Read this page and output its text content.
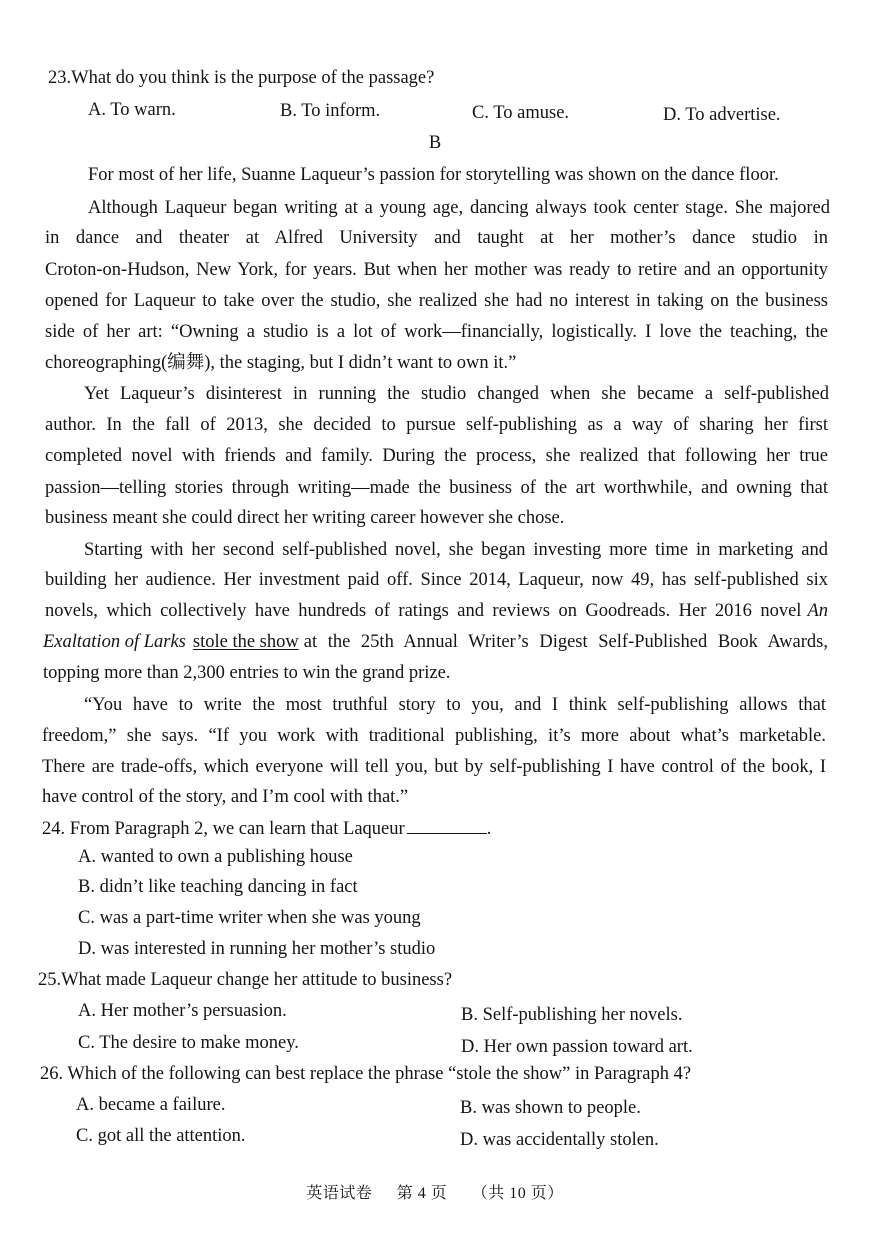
23.What do you think is the purpose of the passage?
A. To warn.	B. To inform.	C. To amuse.	D. To advertise.
B
For most of her life, Suanne Laqueur’s passion for storytelling was shown on the dance floor.
Although Laqueur began writing at a young age, dancing always took center stage. She majored
in dance and theater at Alfred University and taught at her mother’s dance studio in
Croton-on-Hudson, New York, for years. But when her mother was ready to retire and an opportunity
opened for Laqueur to take over the studio, she realized she had no interest in taking on the business
side of her art: “Owning a studio is a lot of work—financially, logistically. I love the teaching, the
choreographing(编舞), the staging, but I didn’t want to own it.”
Yet Laqueur’s disinterest in running the studio changed when she became a self-published
author. In the fall of 2013, she decided to pursue self-publishing as a way of sharing her first
completed novel with friends and family. During the process, she realized that following her true
passion—telling stories through writing—made the business of the art worthwhile, and owning that
business meant she could direct her writing career however she chose.
Starting with her second self-published novel, she began investing more time in marketing and
building her audience. Her investment paid off. Since 2014, Laqueur, now 49, has self-published six
novels, which collectively have hundreds of ratings and reviews on Goodreads. Her 2016 novel An
Exaltation of Larks stole the show at the 25th Annual Writer’s Digest Self-Published Book Awards,
topping more than 2,300 entries to win the grand prize.
“You have to write the most truthful story to you, and I think self-publishing allows that
freedom,” she says. “If you work with traditional publishing, it’s more about what’s marketable.
There are trade-offs, which everyone will tell you, but by self-publishing I have control of the book, I
have control of the story, and I’m cool with that.”
24. From Paragraph 2, we can learn that Laqueur	.
A. wanted to own a publishing house
B. didn’t like teaching dancing in fact
C. was a part-time writer when she was young
D. was interested in running her mother’s studio
25.What made Laqueur change her attitude to business?
A. Her mother’s persuasion.	B. Self-publishing her novels.
C. The desire to make money.	D. Her own passion toward art.
26. Which of the following can best replace the phrase “stole the show” in Paragraph 4?
A. became a failure.	B. was shown to people.
C. got all the attention.	D. was accidentally stolen.
英语试卷 第 4 页 （共 10 页）
